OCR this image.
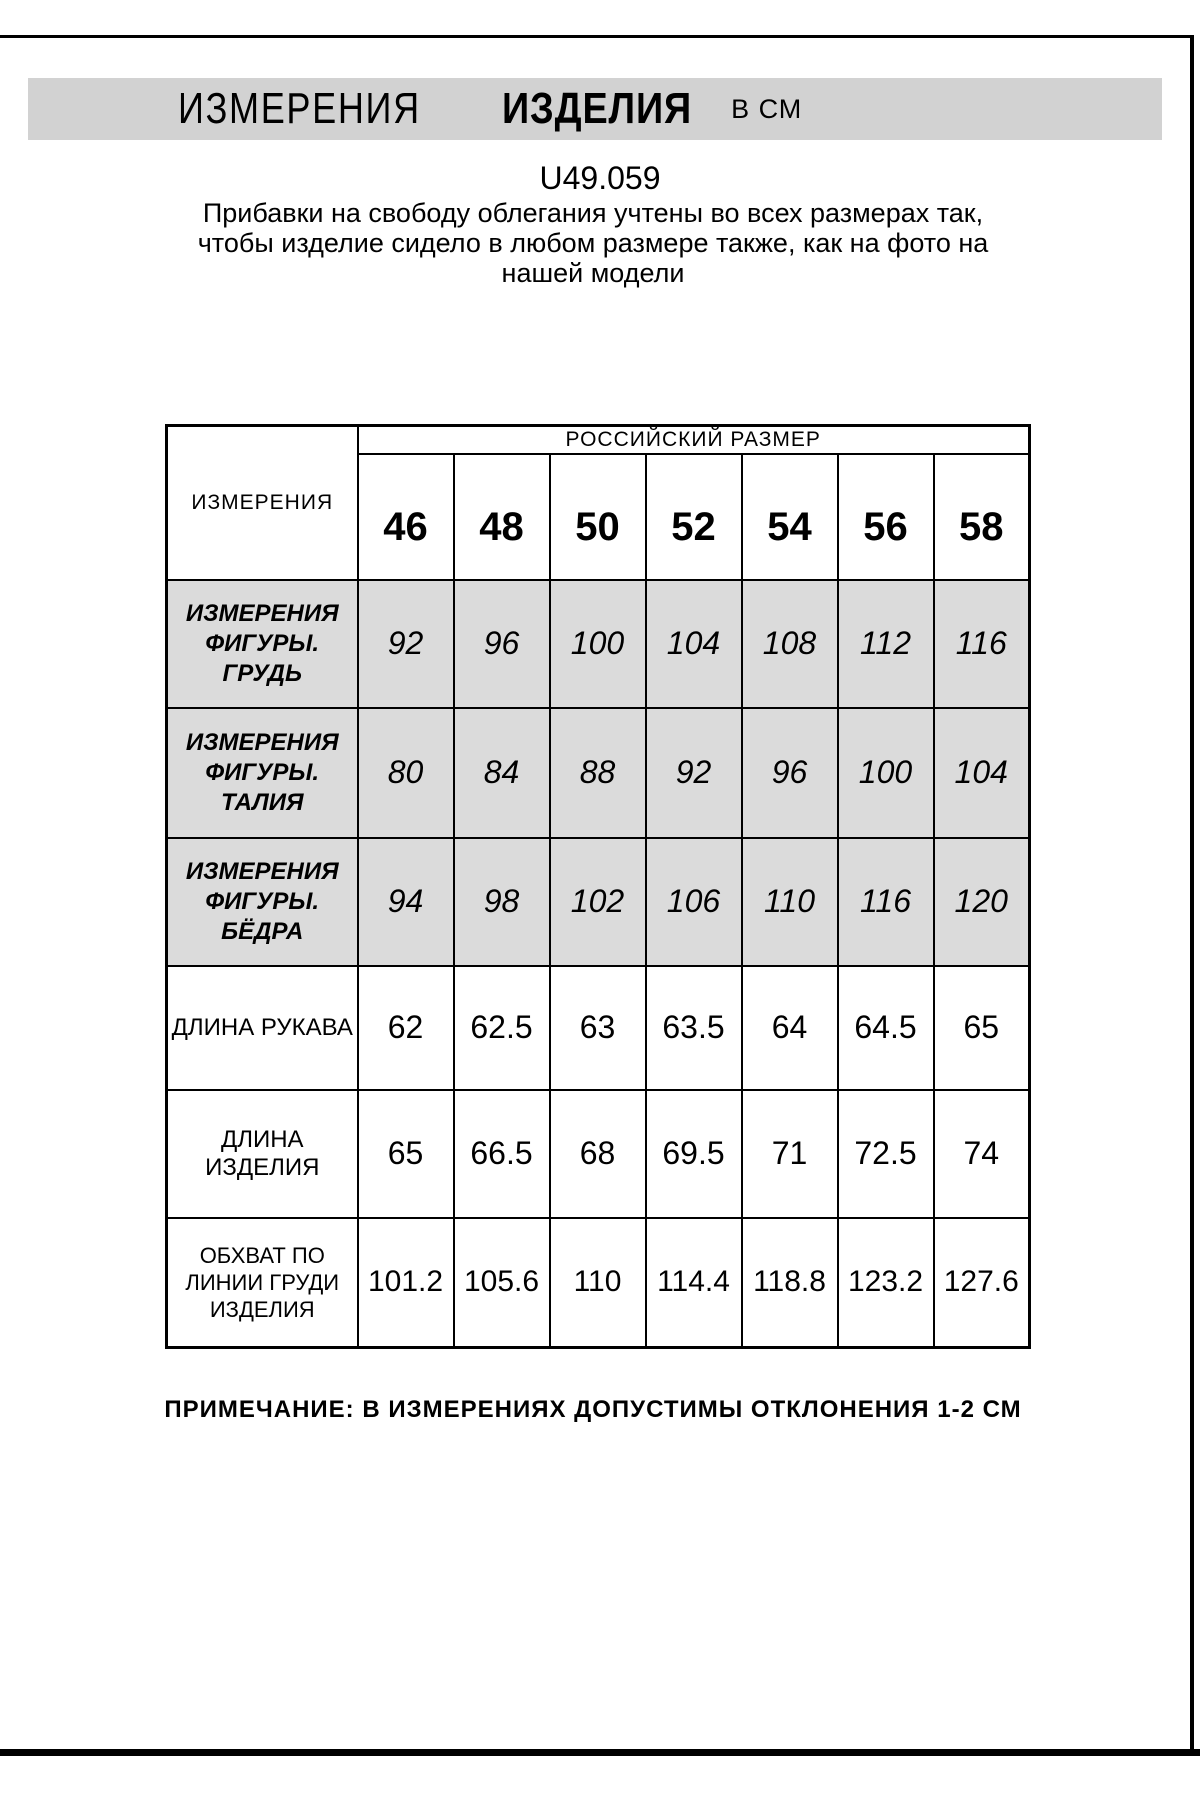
ИЗМЕРЕНИЯ ИЗДЕЛИЯ В СМ
U49.059
Прибавки на свободу облегания учтены во всех размерах так,
чтобы изделие сидело в любом размере также, как на фото на
нашей модели
ИЗМЕРЕНИЯ	РОССИЙСКИЙ РАЗМЕР						
	46	48	50	52	54	56	58

ИЗМЕРЕНИЯ
ФИГУРЫ. ГРУДЬ	92	96	100	104	108	112	116

ИЗМЕРЕНИЯ
ФИГУРЫ. ТАЛИЯ	80	84	88	92	96	100	104

ИЗМЕРЕНИЯ
ФИГУРЫ. БЁДРА	94	98	102	106	110	116	120

ДЛИНА РУКАВА	62	62.5	63	63.5	64	64.5	65

ДЛИНА ИЗДЕЛИЯ	65	66.5	68	69.5	71	72.5	74

ОБХВАТ ПО
ЛИНИИ ГРУДИ
ИЗДЕЛИЯ	101.2	105.6	110	114.4	118.8	123.2	127.6
ПРИМЕЧАНИЕ: В ИЗМЕРЕНИЯХ ДОПУСТИМЫ ОТКЛОНЕНИЯ 1-2 СМ
